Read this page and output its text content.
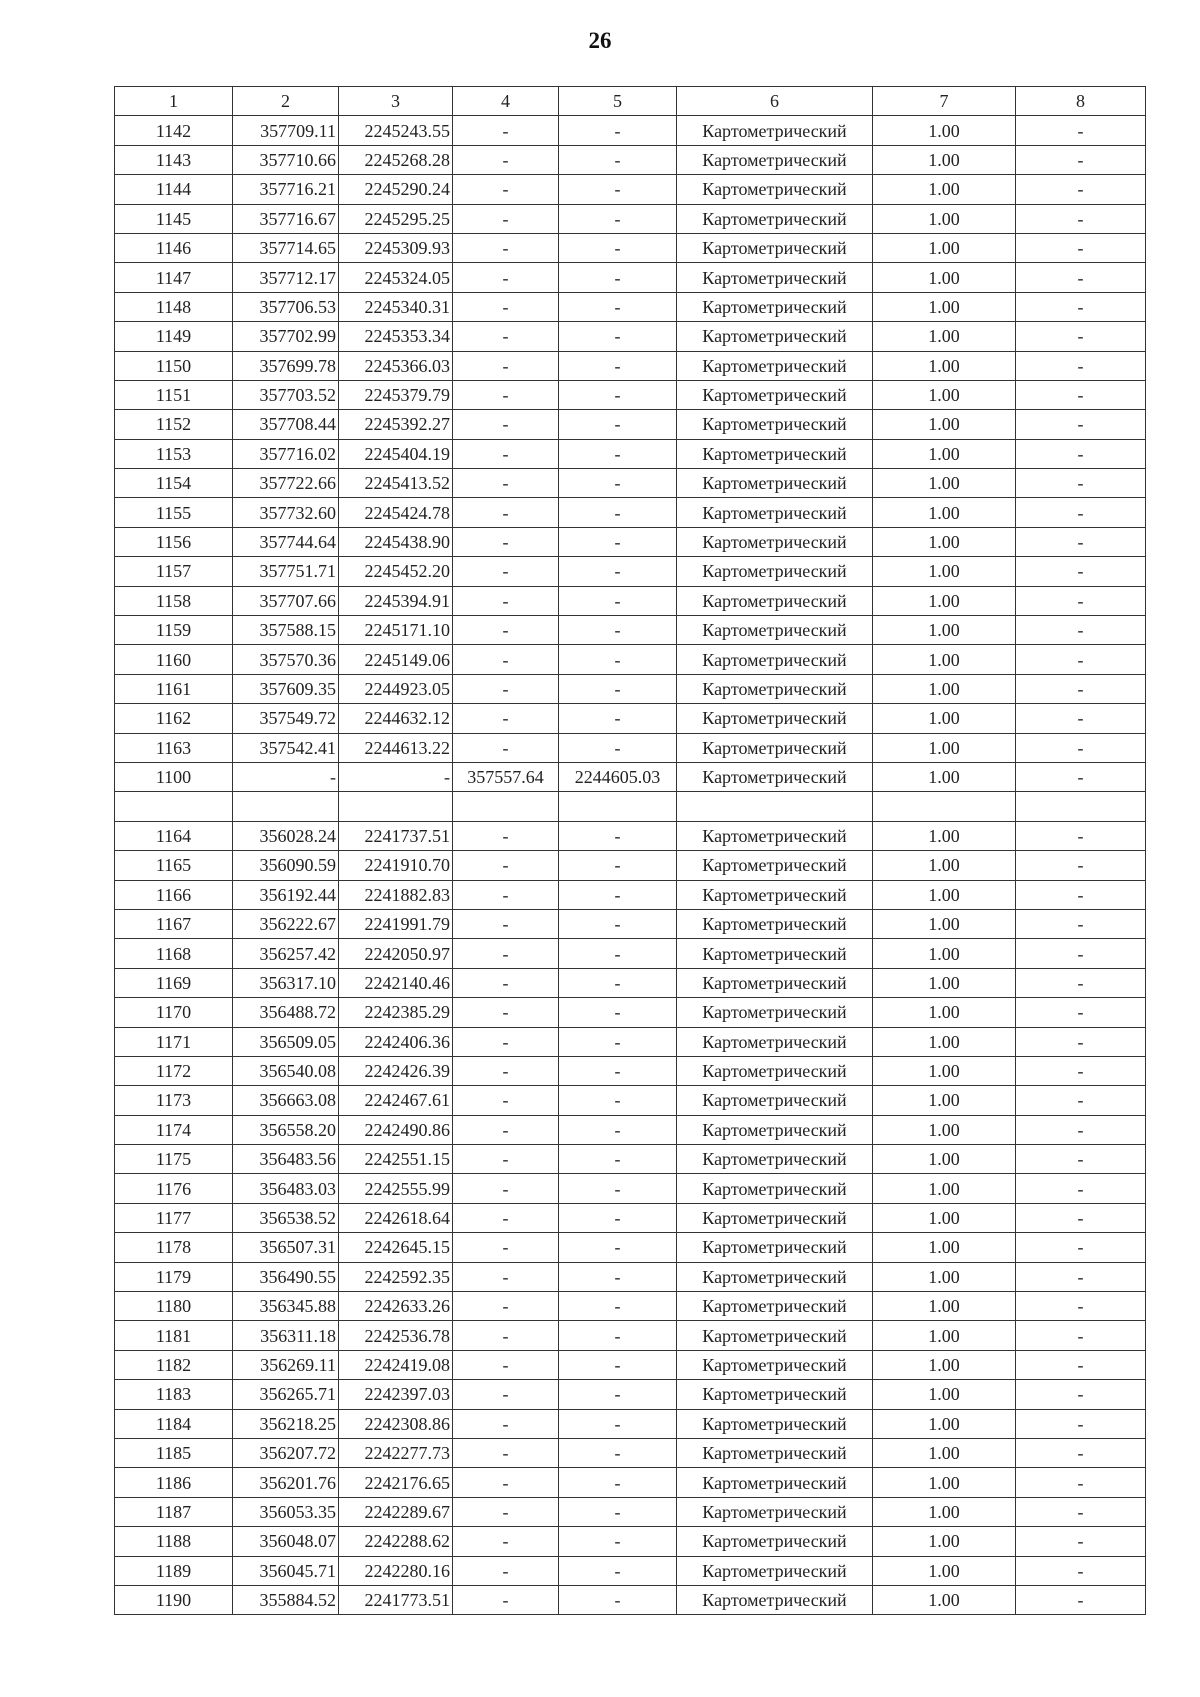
26
1	2	3	4	5	6	7	8
1142	357709.11	2245243.55	-	-	Картометрический	1.00	-
1143	357710.66	2245268.28	-	-	Картометрический	1.00	-
1144	357716.21	2245290.24	-	-	Картометрический	1.00	-
1145	357716.67	2245295.25	-	-	Картометрический	1.00	-
1146	357714.65	2245309.93	-	-	Картометрический	1.00	-
1147	357712.17	2245324.05	-	-	Картометрический	1.00	-
1148	357706.53	2245340.31	-	-	Картометрический	1.00	-
1149	357702.99	2245353.34	-	-	Картометрический	1.00	-
1150	357699.78	2245366.03	-	-	Картометрический	1.00	-
1151	357703.52	2245379.79	-	-	Картометрический	1.00	-
1152	357708.44	2245392.27	-	-	Картометрический	1.00	-
1153	357716.02	2245404.19	-	-	Картометрический	1.00	-
1154	357722.66	2245413.52	-	-	Картометрический	1.00	-
1155	357732.60	2245424.78	-	-	Картометрический	1.00	-
1156	357744.64	2245438.90	-	-	Картометрический	1.00	-
1157	357751.71	2245452.20	-	-	Картометрический	1.00	-
1158	357707.66	2245394.91	-	-	Картометрический	1.00	-
1159	357588.15	2245171.10	-	-	Картометрический	1.00	-
1160	357570.36	2245149.06	-	-	Картометрический	1.00	-
1161	357609.35	2244923.05	-	-	Картометрический	1.00	-
1162	357549.72	2244632.12	-	-	Картометрический	1.00	-
1163	357542.41	2244613.22	-	-	Картометрический	1.00	-
1100	-	-	357557.64	2244605.03	Картометрический	1.00	-

1164	356028.24	2241737.51	-	-	Картометрический	1.00	-
1165	356090.59	2241910.70	-	-	Картометрический	1.00	-
1166	356192.44	2241882.83	-	-	Картометрический	1.00	-
1167	356222.67	2241991.79	-	-	Картометрический	1.00	-
1168	356257.42	2242050.97	-	-	Картометрический	1.00	-
1169	356317.10	2242140.46	-	-	Картометрический	1.00	-
1170	356488.72	2242385.29	-	-	Картометрический	1.00	-
1171	356509.05	2242406.36	-	-	Картометрический	1.00	-
1172	356540.08	2242426.39	-	-	Картометрический	1.00	-
1173	356663.08	2242467.61	-	-	Картометрический	1.00	-
1174	356558.20	2242490.86	-	-	Картометрический	1.00	-
1175	356483.56	2242551.15	-	-	Картометрический	1.00	-
1176	356483.03	2242555.99	-	-	Картометрический	1.00	-
1177	356538.52	2242618.64	-	-	Картометрический	1.00	-
1178	356507.31	2242645.15	-	-	Картометрический	1.00	-
1179	356490.55	2242592.35	-	-	Картометрический	1.00	-
1180	356345.88	2242633.26	-	-	Картометрический	1.00	-
1181	356311.18	2242536.78	-	-	Картометрический	1.00	-
1182	356269.11	2242419.08	-	-	Картометрический	1.00	-
1183	356265.71	2242397.03	-	-	Картометрический	1.00	-
1184	356218.25	2242308.86	-	-	Картометрический	1.00	-
1185	356207.72	2242277.73	-	-	Картометрический	1.00	-
1186	356201.76	2242176.65	-	-	Картометрический	1.00	-
1187	356053.35	2242289.67	-	-	Картометрический	1.00	-
1188	356048.07	2242288.62	-	-	Картометрический	1.00	-
1189	356045.71	2242280.16	-	-	Картометрический	1.00	-
1190	355884.52	2241773.51	-	-	Картометрический	1.00	-
